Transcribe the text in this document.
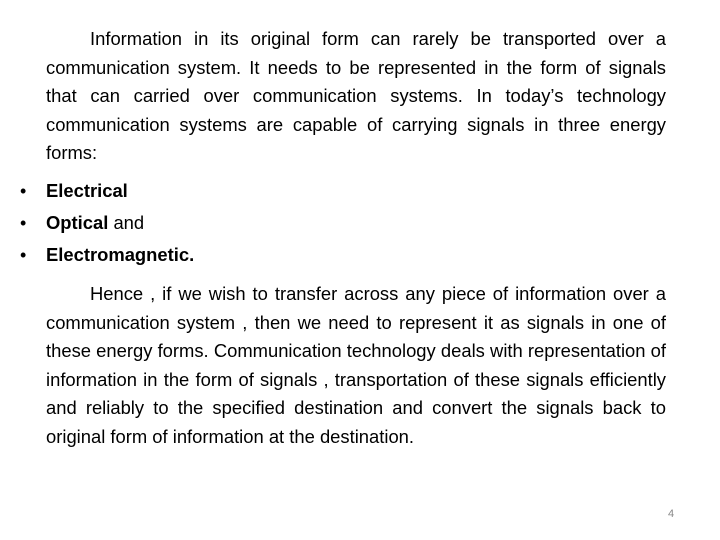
Information in its original form can rarely be transported over a communication system. It needs to be represented in the form of signals that can carried over communication systems. In today’s technology communication systems are capable of carrying signals in three energy forms:

• Electrical
• Optical and
• Electromagnetic.

Hence , if we wish to transfer across any piece of information over a communication system , then we need to represent it as signals in one of these energy forms. Communication technology deals with representation of information in the form of signals , transportation of these signals efficiently and reliably to the specified destination and convert the signals back to original form of information at the destination.

4
